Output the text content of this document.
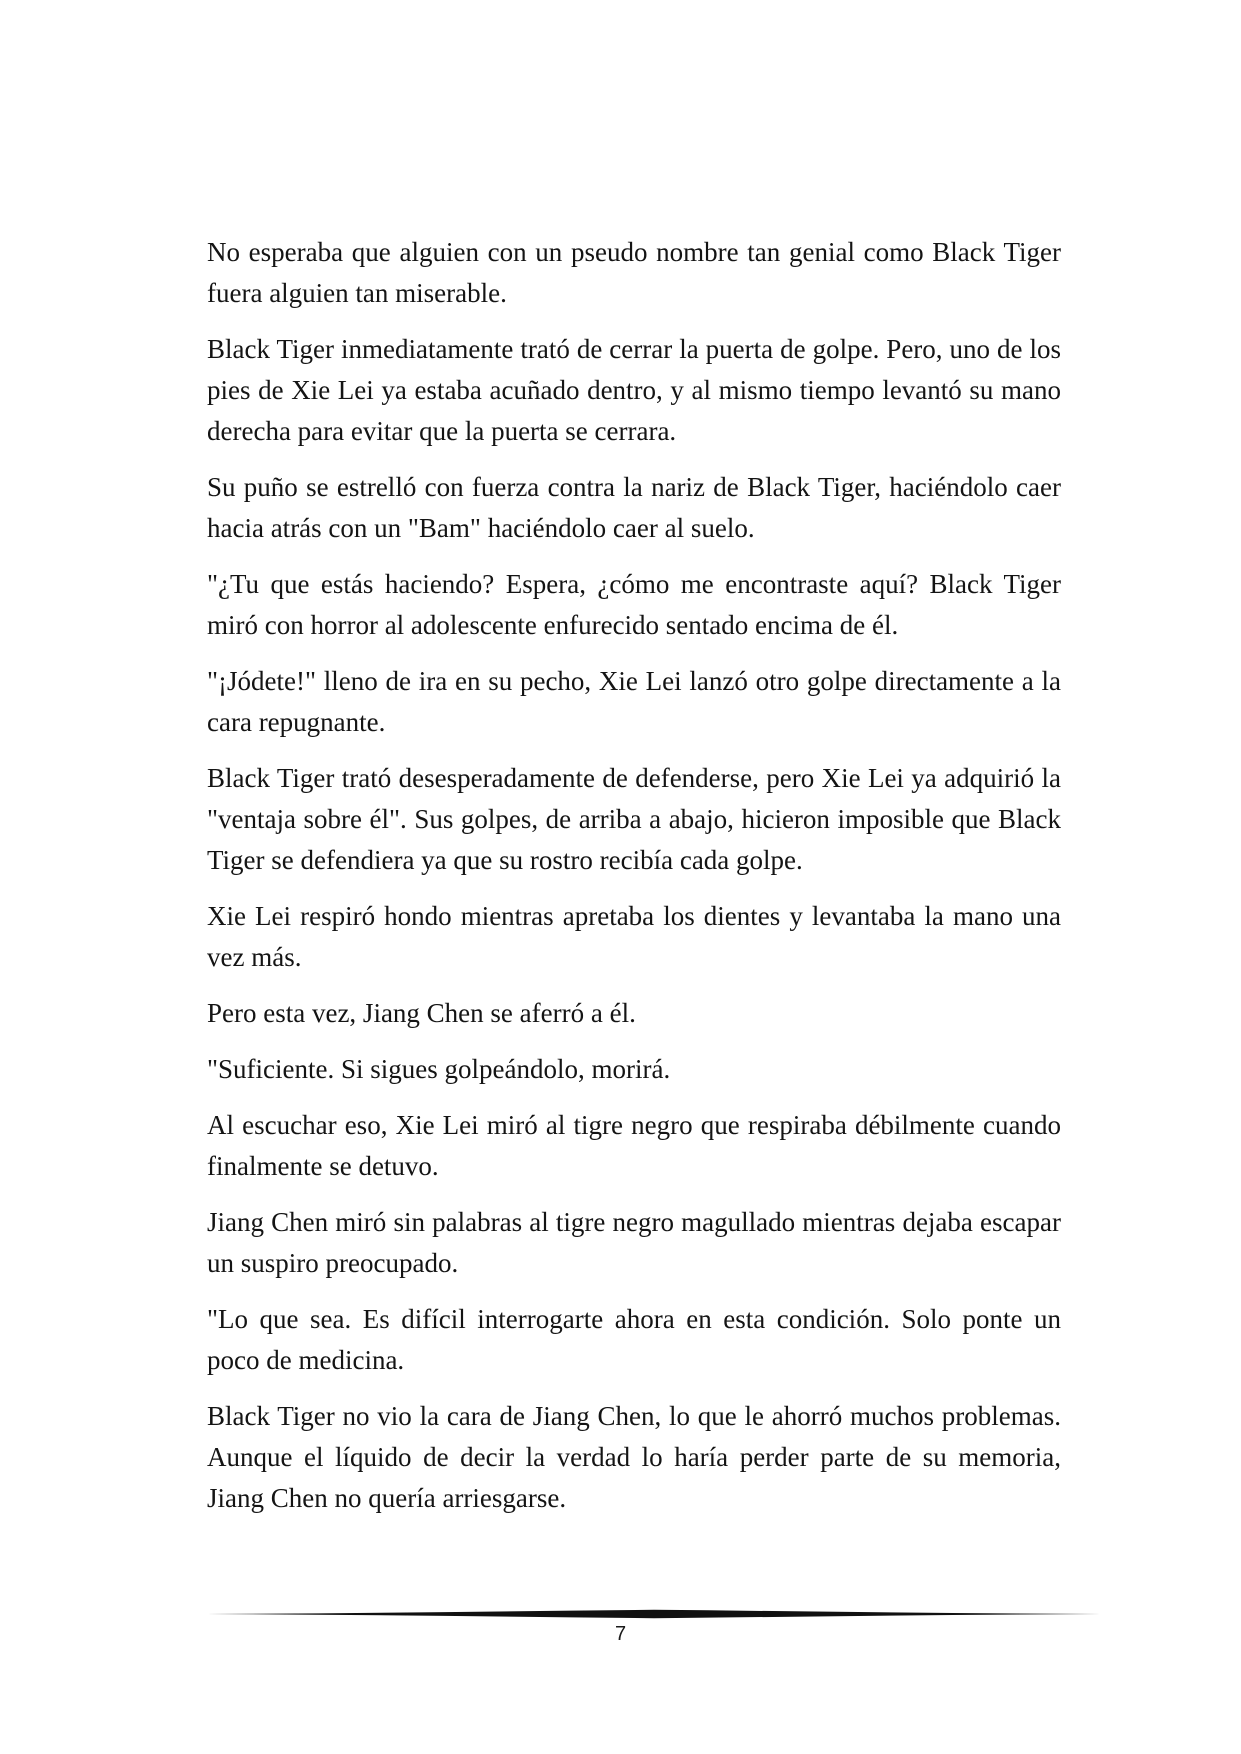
No esperaba que alguien con un pseudo nombre tan genial como Black Tiger fuera alguien tan miserable.

Black Tiger inmediatamente trató de cerrar la puerta de golpe. Pero, uno de los pies de Xie Lei ya estaba acuñado dentro, y al mismo tiempo levantó su mano derecha para evitar que la puerta se cerrara.

Su puño se estrelló con fuerza contra la nariz de Black Tiger, haciéndolo caer hacia atrás con un "Bam" haciéndolo caer al suelo.

"¿Tu que estás haciendo? Espera, ¿cómo me encontraste aquí? Black Tiger miró con horror al adolescente enfurecido sentado encima de él.

"¡Jódete!" lleno de ira en su pecho, Xie Lei lanzó otro golpe directamente a la cara repugnante.

Black Tiger trató desesperadamente de defenderse, pero Xie Lei ya adquirió la "ventaja sobre él". Sus golpes, de arriba a abajo, hicieron imposible que Black Tiger se defendiera ya que su rostro recibía cada golpe.

Xie Lei respiró hondo mientras apretaba los dientes y levantaba la mano una vez más.

Pero esta vez, Jiang Chen se aferró a él.

"Suficiente. Si sigues golpeándolo, morirá.

Al escuchar eso, Xie Lei miró al tigre negro que respiraba débilmente cuando finalmente se detuvo.

Jiang Chen miró sin palabras al tigre negro magullado mientras dejaba escapar un suspiro preocupado.

"Lo que sea. Es difícil interrogarte ahora en esta condición. Solo ponte un poco de medicina.

Black Tiger no vio la cara de Jiang Chen, lo que le ahorró muchos problemas. Aunque el líquido de decir la verdad lo haría perder parte de su memoria, Jiang Chen no quería arriesgarse.

7
